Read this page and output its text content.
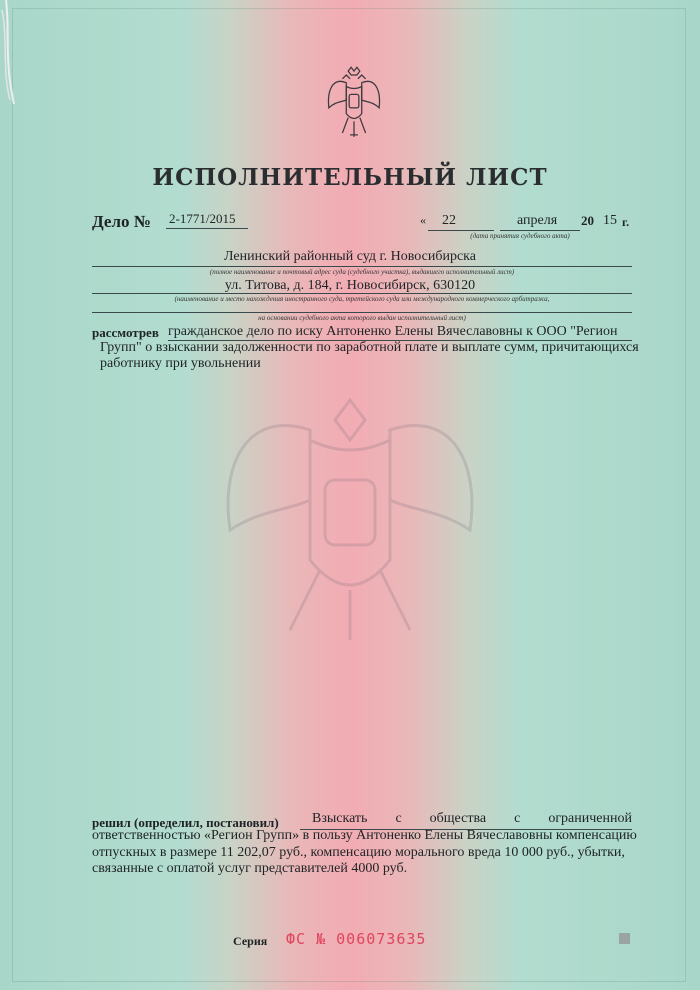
ИСПОЛНИТЕЛЬНЫЙ ЛИСТ
Дело № 2-1771/2015	« 22	апреля 20 15 г.
(дата принятия судебного акта)
Ленинский районный суд г. Новосибирска
(полное наименование и почтовый адрес суда (судебного участка), выдавшего исполнительный лист)
ул. Титова, д. 184, г. Новосибирск, 630120
(наименование и место нахождения иностранного суда, третейского суда или международного коммерческого арбитража,
на основании судебного акта которого выдан исполнительный лист)
рассмотрев гражданское дело по иску Антоненко Елены Вячеславовны к ООО "Регион
Групп" о взыскании задолженности по заработной плате и выплате сумм, причитающихся
работнику при увольнении
решил (определил, постановил) Взыскать с общества с ограниченной
ответственностью «Регион Групп» в пользу Антоненко Елены Вячеславовны компенсацию
отпускных в размере 11 202,07 руб., компенсацию морального вреда 10 000 руб., убытки,
связанные с оплатой услуг представителей 4000 руб.
Серия ФС № 006073635
